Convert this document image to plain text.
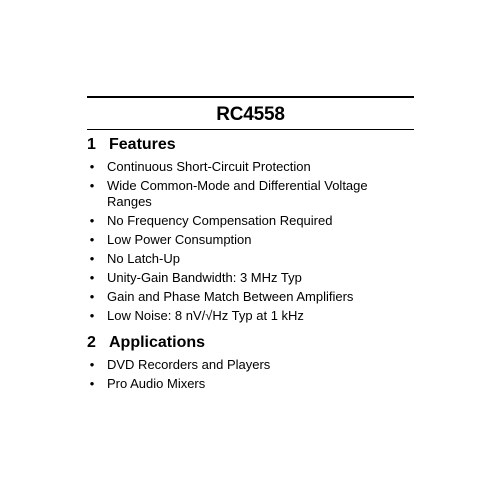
RC4558
1 Features
• Continuous Short-Circuit Protection
• Wide Common-Mode and Differential Voltage Ranges
• No Frequency Compensation Required
• Low Power Consumption
• No Latch-Up
• Unity-Gain Bandwidth: 3 MHz Typ
• Gain and Phase Match Between Amplifiers
• Low Noise: 8 nV/√Hz Typ at 1 kHz
2 Applications
• DVD Recorders and Players
• Pro Audio Mixers
